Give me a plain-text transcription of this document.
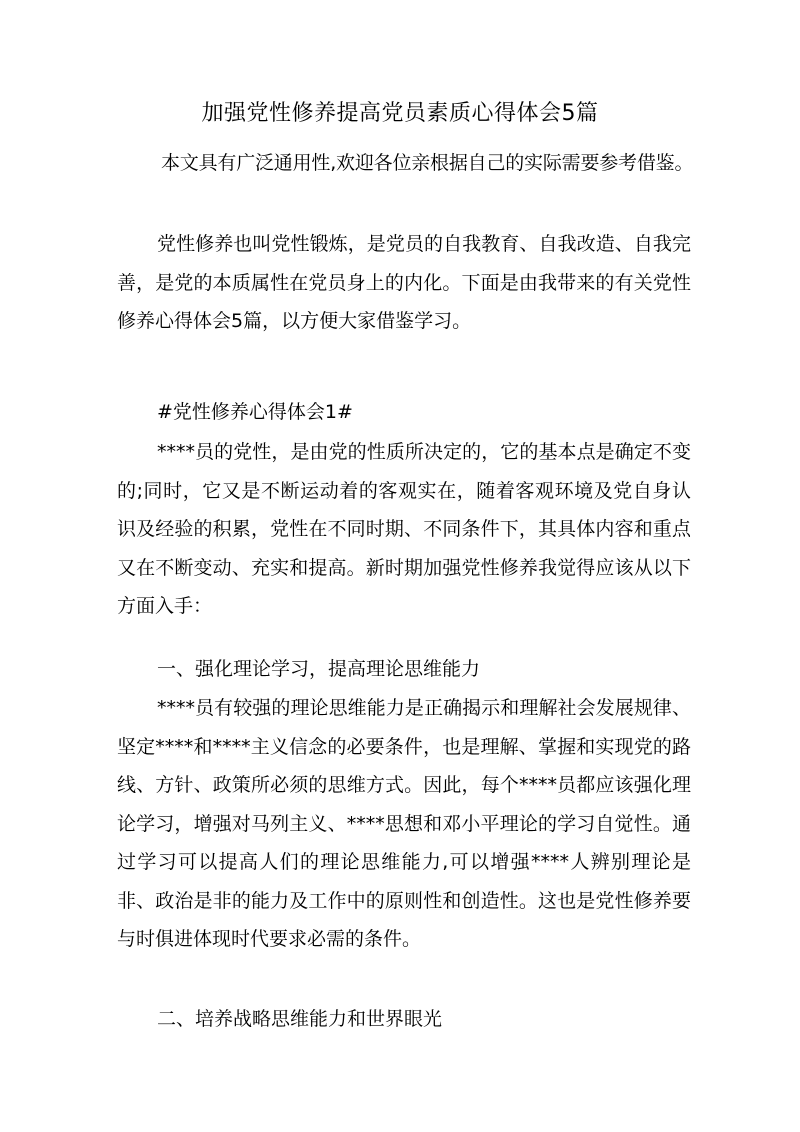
加强党性修养提高党员素质心得体会5篇
本文具有广泛通用性,欢迎各位亲根据自己的实际需要参考借鉴。

党性修养也叫党性锻炼，是党员的自我教育、自我改造、自我完善，是党的本质属性在党员身上的内化。下面是由我带来的有关党性修养心得体会5篇，以方便大家借鉴学习。

#党性修养心得体会1#

****员的党性，是由党的性质所决定的，它的基本点是确定不变的;同时，它又是不断运动着的客观实在，随着客观环境及党自身认识及经验的积累，党性在不同时期、不同条件下，其具体内容和重点又在不断变动、充实和提高。新时期加强党性修养我觉得应该从以下方面入手：

一、强化理论学习，提高理论思维能力

****员有较强的理论思维能力是正确揭示和理解社会发展规律、坚定****和****主义信念的必要条件，也是理解、掌握和实现党的路线、方针、政策所必须的思维方式。因此，每个****员都应该强化理论学习，增强对马列主义、****思想和邓小平理论的学习自觉性。通过学习可以提高人们的理论思维能力,可以增强****人辨别理论是非、政治是非的能力及工作中的原则性和创造性。这也是党性修养要与时俱进体现时代要求必需的条件。

二、培养战略思维能力和世界眼光
